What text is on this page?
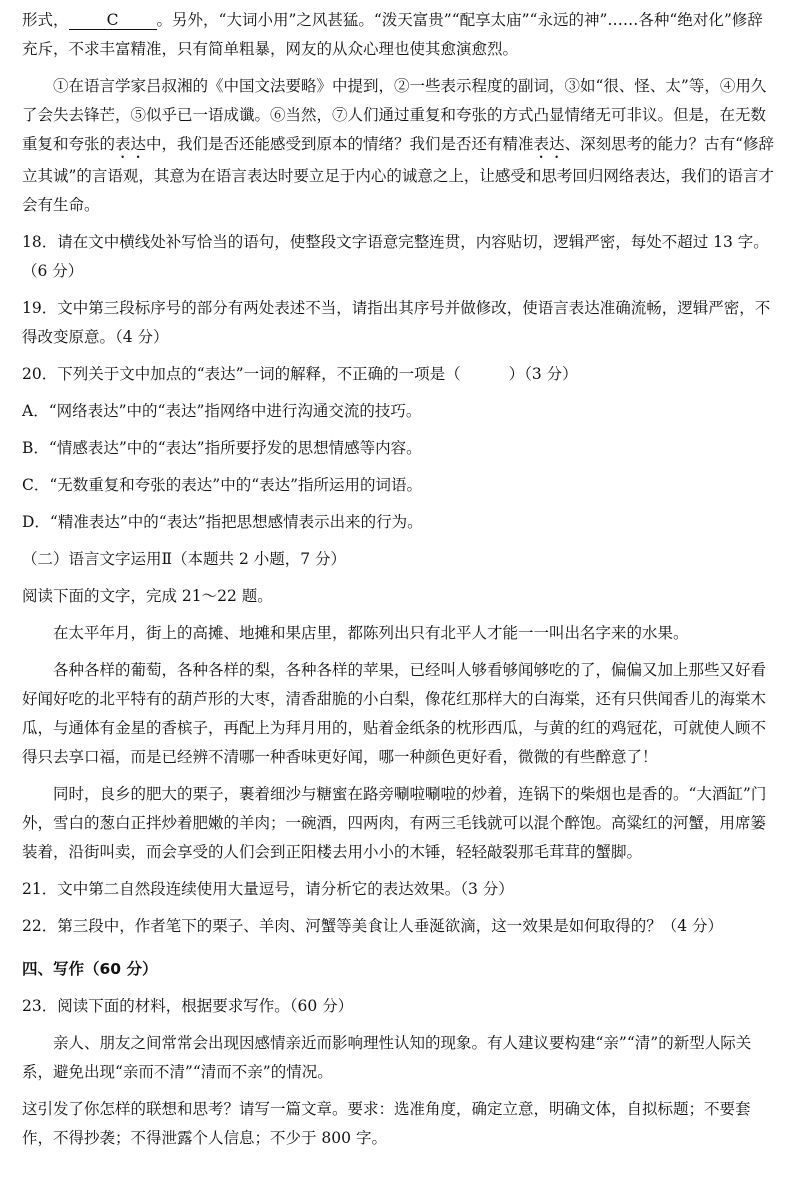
形式， C 。另外，“大词小用”之风甚猛。“泼天富贵”“配享太庙”“永远的神”……各种“绝对化”修辞充斥，不求丰富精准，只有简单粗暴，网友的从众心理也使其愈演愈烈。

①在语言学家吕叔湘的《中国文法要略》中提到，②一些表示程度的副词，③如“很、怪、太”等，④用久了会失去锋芒，⑤似乎已一语成谶。⑥当然，⑦人们通过重复和夸张的方式凸显情绪无可非议。但是，在无数重复和夸张的表达中，我们是否还能感受到原本的情绪？我们是否还有精准表达、深刻思考的能力？古有“修辞立其诚”的言语观，其意为在语言表达时要立足于内心的诚意之上，让感受和思考回归网络表达，我们的语言才会有生命。

18．请在文中横线处补写恰当的语句，使整段文字语意完整连贯，内容贴切，逻辑严密，每处不超过 13 字。（6 分）

19．文中第三段标序号的部分有两处表述不当，请指出其序号并做修改，使语言表达准确流畅，逻辑严密，不得改变原意。（4 分）

20．下列关于文中加点的“表达”一词的解释，不正确的一项是（	）（3 分）

A．“网络表达”中的“表达”指网络中进行沟通交流的技巧。

B．“情感表达”中的“表达”指所要抒发的思想情感等内容。

C．“无数重复和夸张的表达”中的“表达”指所运用的词语。

D．“精准表达”中的“表达”指把思想感情表示出来的行为。

（二）语言文字运用Ⅱ（本题共 2 小题，7 分）

阅读下面的文字，完成 21～22 题。

在太平年月，街上的高摊、地摊和果店里，都陈列出只有北平人才能一一叫出名字来的水果。

各种各样的葡萄，各种各样的梨，各种各样的苹果，已经叫人够看够闻够吃的了，偏偏又加上那些又好看好闻好吃的北平特有的葫芦形的大枣，清香甜脆的小白梨，像花红那样大的白海棠，还有只供闻香儿的海棠木瓜，与通体有金星的香槟子，再配上为拜月用的，贴着金纸条的枕形西瓜，与黄的红的鸡冠花，可就使人顾不得只去享口福，而是已经辨不清哪一种香味更好闻，哪一种颜色更好看，微微的有些醉意了！

同时，良乡的肥大的栗子，裹着细沙与糖蜜在路旁唰啦唰啦的炒着，连锅下的柴烟也是香的。“大酒缸”门外，雪白的葱白正拌炒着肥嫩的羊肉；一碗酒，四两肉，有两三毛钱就可以混个醉饱。高粱红的河蟹，用席篓装着，沿街叫卖，而会享受的人们会到正阳楼去用小小的木锤，轻轻敲裂那毛茸茸的蟹脚。

21．文中第二自然段连续使用大量逗号，请分析它的表达效果。（3 分）

22．第三段中，作者笔下的栗子、羊肉、河蟹等美食让人垂涎欲滴，这一效果是如何取得的？（4 分）

四、写作（60 分）

23．阅读下面的材料，根据要求写作。（60 分）

亲人、朋友之间常常会出现因感情亲近而影响理性认知的现象。有人建议要构建“亲”“清”的新型人际关系，避免出现“亲而不清”“清而不亲”的情况。

这引发了你怎样的联想和思考？请写一篇文章。要求：选准角度，确定立意，明确文体，自拟标题；不要套作，不得抄袭；不得泄露个人信息；不少于 800 字。
